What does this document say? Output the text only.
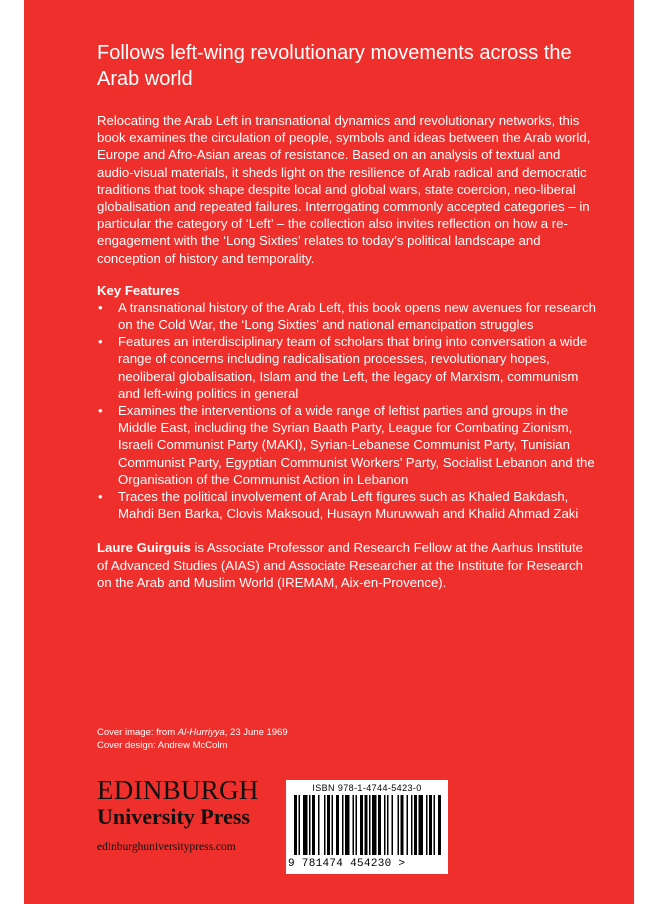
Follows left-wing revolutionary movements across the Arab world

Relocating the Arab Left in transnational dynamics and revolutionary networks, this book examines the circulation of people, symbols and ideas between the Arab world, Europe and Afro-Asian areas of resistance. Based on an analysis of textual and audio-visual materials, it sheds light on the resilience of Arab radical and democratic traditions that took shape despite local and global wars, state coercion, neo-liberal globalisation and repeated failures. Interrogating commonly accepted categories – in particular the category of ‘Left’ – the collection also invites reflection on how a re-engagement with the ‘Long Sixties’ relates to today’s political landscape and conception of history and temporality.

Key Features
• A transnational history of the Arab Left, this book opens new avenues for research on the Cold War, the ‘Long Sixties’ and national emancipation struggles
• Features an interdisciplinary team of scholars that bring into conversation a wide range of concerns including radicalisation processes, revolutionary hopes, neoliberal globalisation, Islam and the Left, the legacy of Marxism, communism and left-wing politics in general
• Examines the interventions of a wide range of leftist parties and groups in the Middle East, including the Syrian Baath Party, League for Combating Zionism, Israeli Communist Party (MAKI), Syrian-Lebanese Communist Party, Tunisian Communist Party, Egyptian Communist Workers’ Party, Socialist Lebanon and the Organisation of the Communist Action in Lebanon
• Traces the political involvement of Arab Left figures such as Khaled Bakdash, Mahdi Ben Barka, Clovis Maksoud, Husayn Muruwwah and Khalid Ahmad Zaki

Laure Guirguis is Associate Professor and Research Fellow at the Aarhus Institute of Advanced Studies (AIAS) and Associate Researcher at the Institute for Research on the Arab and Muslim World (IREMAM, Aix-en-Provence).

Cover image: from Al-Hurriyya, 23 June 1969
Cover design: Andrew McColm
EDINBURGH
University Press
edinburghuniversitypress.com
ISBN 978-1-4744-5423-0
9 781474 454230 >
